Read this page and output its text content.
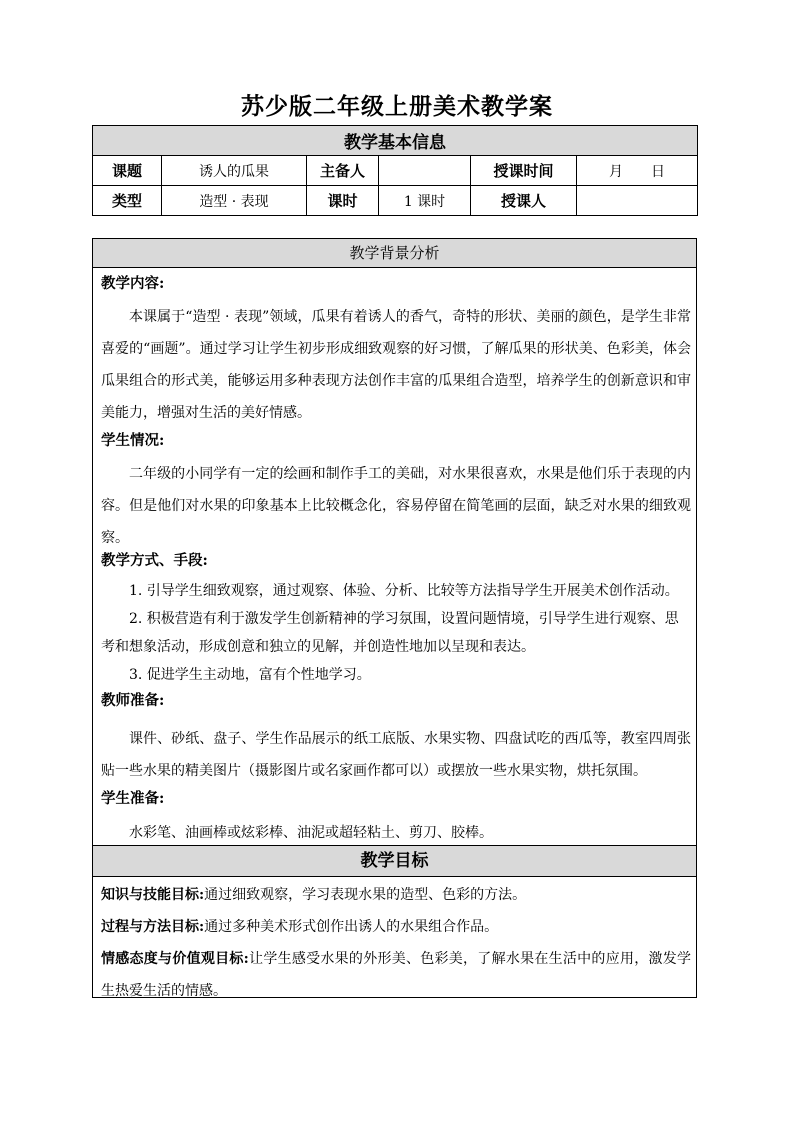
苏少版二年级上册美术教学案
教学基本信息					
课题	诱人的瓜果	主备人		授课时间	月　　日
类型	造型 · 表现	课时	1 课时	授课人	
教学背景分析
教学内容:
本课属于“造型 · 表现”领域，瓜果有着诱人的香气，奇特的形状、美丽的颜色，是学生非常喜爱的“画题”。通过学习让学生初步形成细致观察的好习惯，了解瓜果的形状美、色彩美，体会瓜果组合的形式美，能够运用多种表现方法创作丰富的瓜果组合造型，培养学生的创新意识和审美能力，增强对生活的美好情感。
学生情况:
二年级的小同学有一定的绘画和制作手工的美础，对水果很喜欢，水果是他们乐于表现的内容。但是他们对水果的印象基本上比较概念化，容易停留在简笔画的层面，缺乏对水果的细致观察。
教学方式、手段:
1. 引导学生细致观察，通过观察、体验、分析、比较等方法指导学生开展美术创作活动。
2. 积极营造有利于激发学生创新精神的学习氛围，设置问题情境，引导学生进行观察、思考和想象活动，形成创意和独立的见解，并创造性地加以呈现和表达。
3. 促进学生主动地，富有个性地学习。
教师准备:
课件、砂纸、盘子、学生作品展示的纸工底版、水果实物、四盘试吃的西瓜等，教室四周张贴一些水果的精美图片（摄影图片或名家画作都可以）或摆放一些水果实物，烘托氛围。
学生准备:
水彩笔、油画棒或炫彩棒、油泥或超轻粘土、剪刀、胶棒。
教学目标
知识与技能目标:通过细致观察，学习表现水果的造型、色彩的方法。
过程与方法目标:通过多种美术形式创作出诱人的水果组合作品。
情感态度与价值观目标:让学生感受水果的外形美、色彩美，了解水果在生活中的应用，激发学生热爱生活的情感。
